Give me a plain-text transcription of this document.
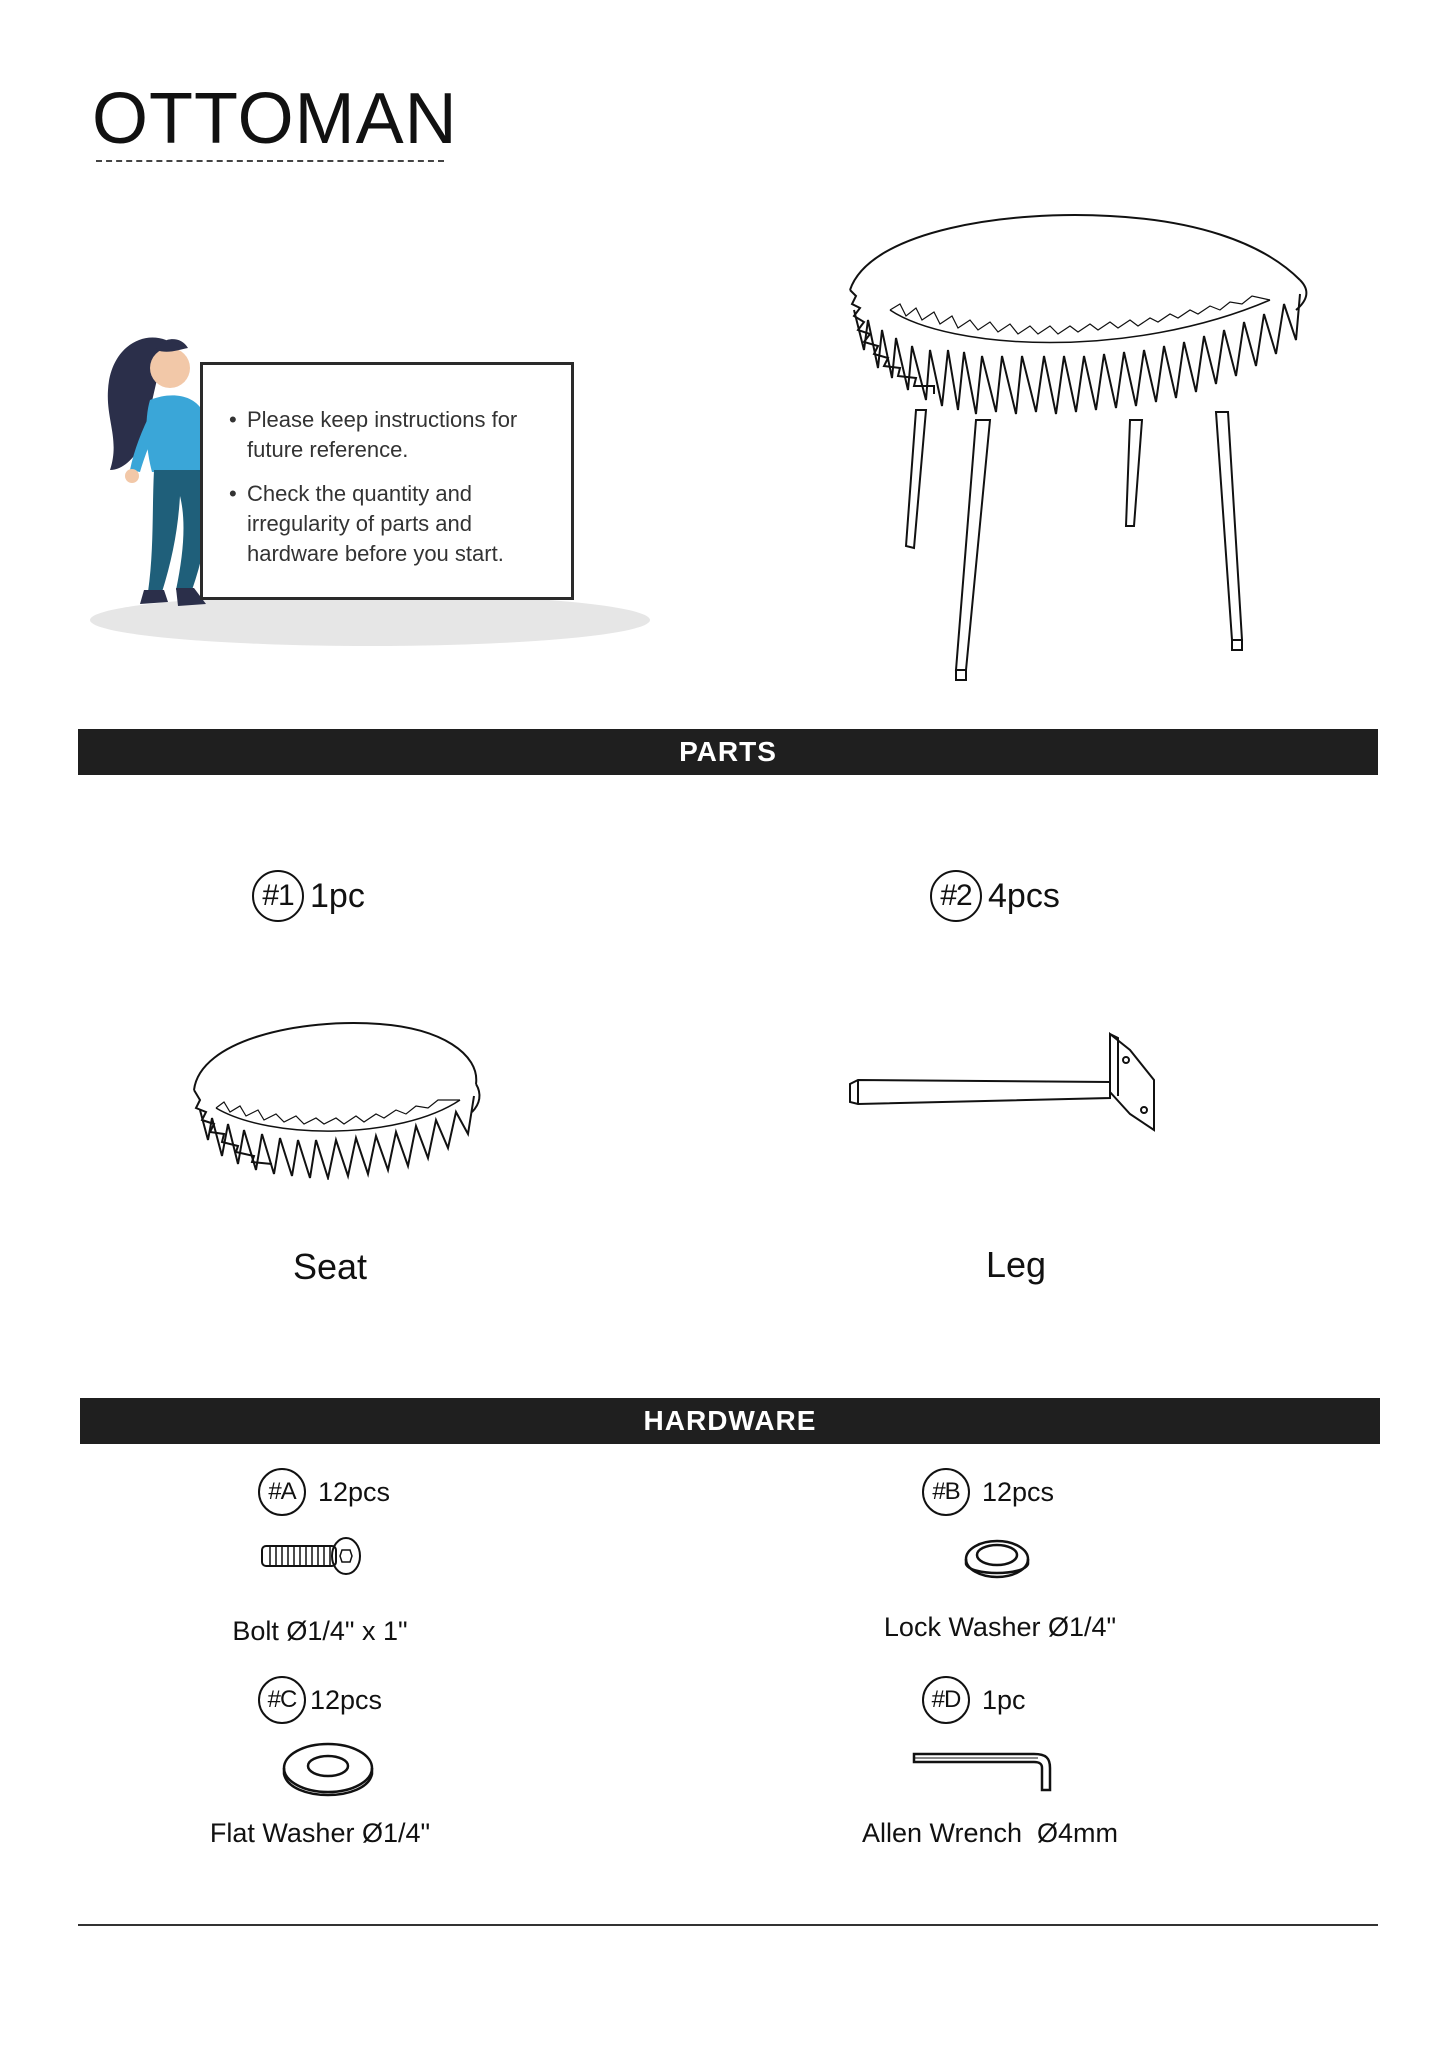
OTTOMAN
• Please keep instructions for future reference.
• Check the quantity and irregularity of parts and hardware before you start.
PARTS
#1 1pc
Seat
#2 4pcs
Leg
HARDWARE
#A 12pcs
Bolt Ø1/4" x 1"
#B 12pcs
Lock Washer Ø1/4"
#C 12pcs
Flat Washer Ø1/4"
#D 1pc
Allen Wrench  Ø4mm
